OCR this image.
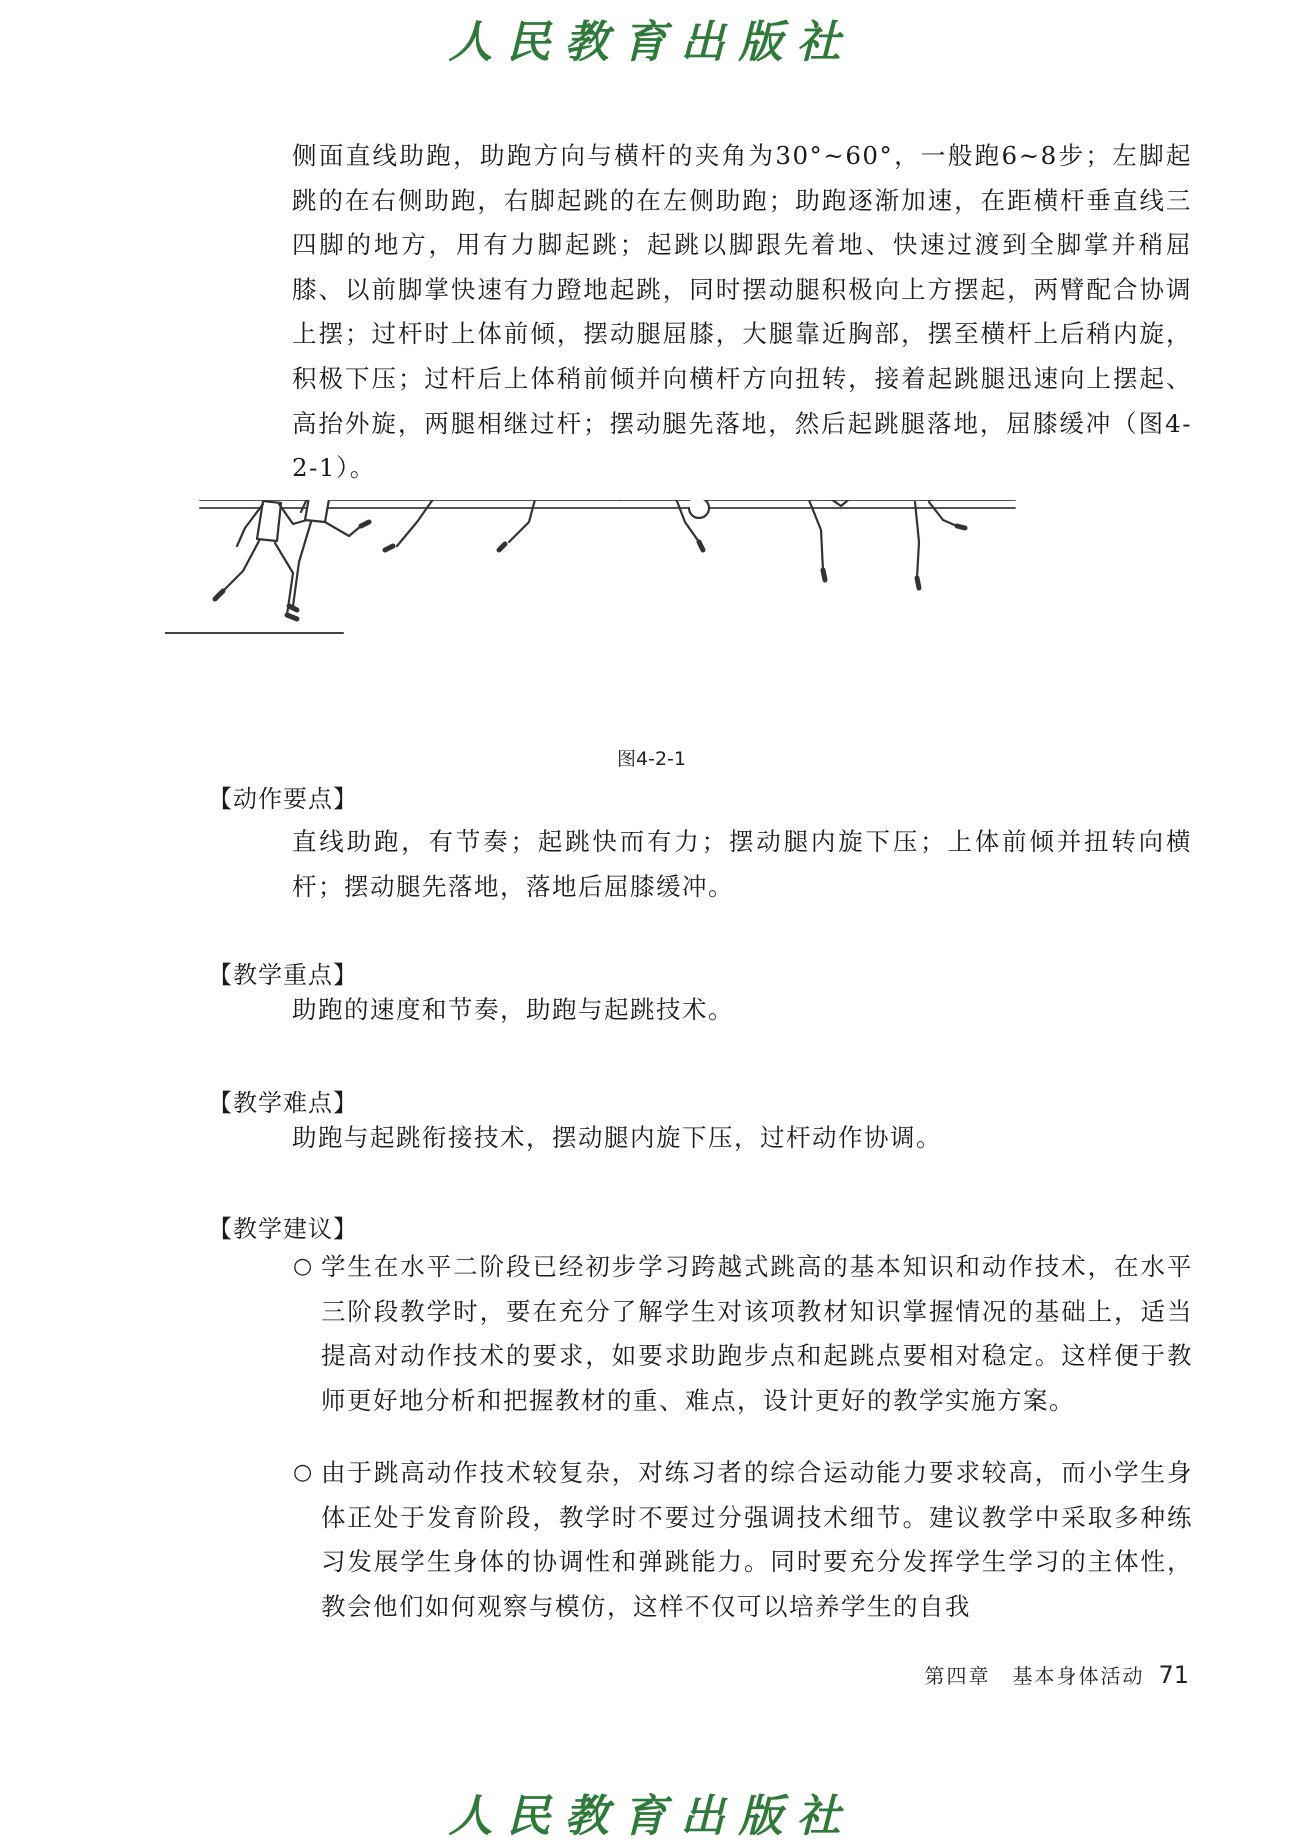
人民教育出版社

侧面直线助跑，助跑方向与横杆的夹角为30°~60°，一般跑6~8步；左脚起跳的在右侧助跑，右脚起跳的在左侧助跑；助跑逐渐加速，在距横杆垂直线三四脚的地方，用有力脚起跳；起跳以脚跟先着地、快速过渡到全脚掌并稍屈膝、以前脚掌快速有力蹬地起跳，同时摆动腿积极向上方摆起，两臂配合协调上摆；过杆时上体前倾，摆动腿屈膝，大腿靠近胸部，摆至横杆上后稍内旋，积极下压；过杆后上体稍前倾并向横杆方向扭转，接着起跳腿迅速向上摆起、高抬外旋，两腿相继过杆；摆动腿先落地，然后起跳腿落地，屈膝缓冲（图4-2-1）。

图4-2-1
【动作要点】

直线助跑，有节奏；起跳快而有力；摆动腿内旋下压；上体前倾并扭转向横杆；摆动腿先落地，落地后屈膝缓冲。

【教学重点】

助跑的速度和节奏，助跑与起跳技术。

【教学难点】

助跑与起跳衔接技术，摆动腿内旋下压，过杆动作协调。

【教学建议】
○ 学生在水平二阶段已经初步学习跨越式跳高的基本知识和动作技术，在水平三阶段教学时，要在充分了解学生对该项教材知识掌握情况的基础上，适当提高对动作技术的要求，如要求助跑步点和起跳点要相对稳定。这样便于教师更好地分析和把握教材的重、难点，设计更好的教学实施方案。

○ 由于跳高动作技术较复杂，对练习者的综合运动能力要求较高，而小学生身体正处于发育阶段，教学时不要过分强调技术细节。建议教学中采取多种练习发展学生身体的协调性和弹跳能力。同时要充分发挥学生学习的主体性，教会他们如何观察与模仿，这样不仅可以培养学生的自我

第四章　基本身体活动 71
人民教育出版社
